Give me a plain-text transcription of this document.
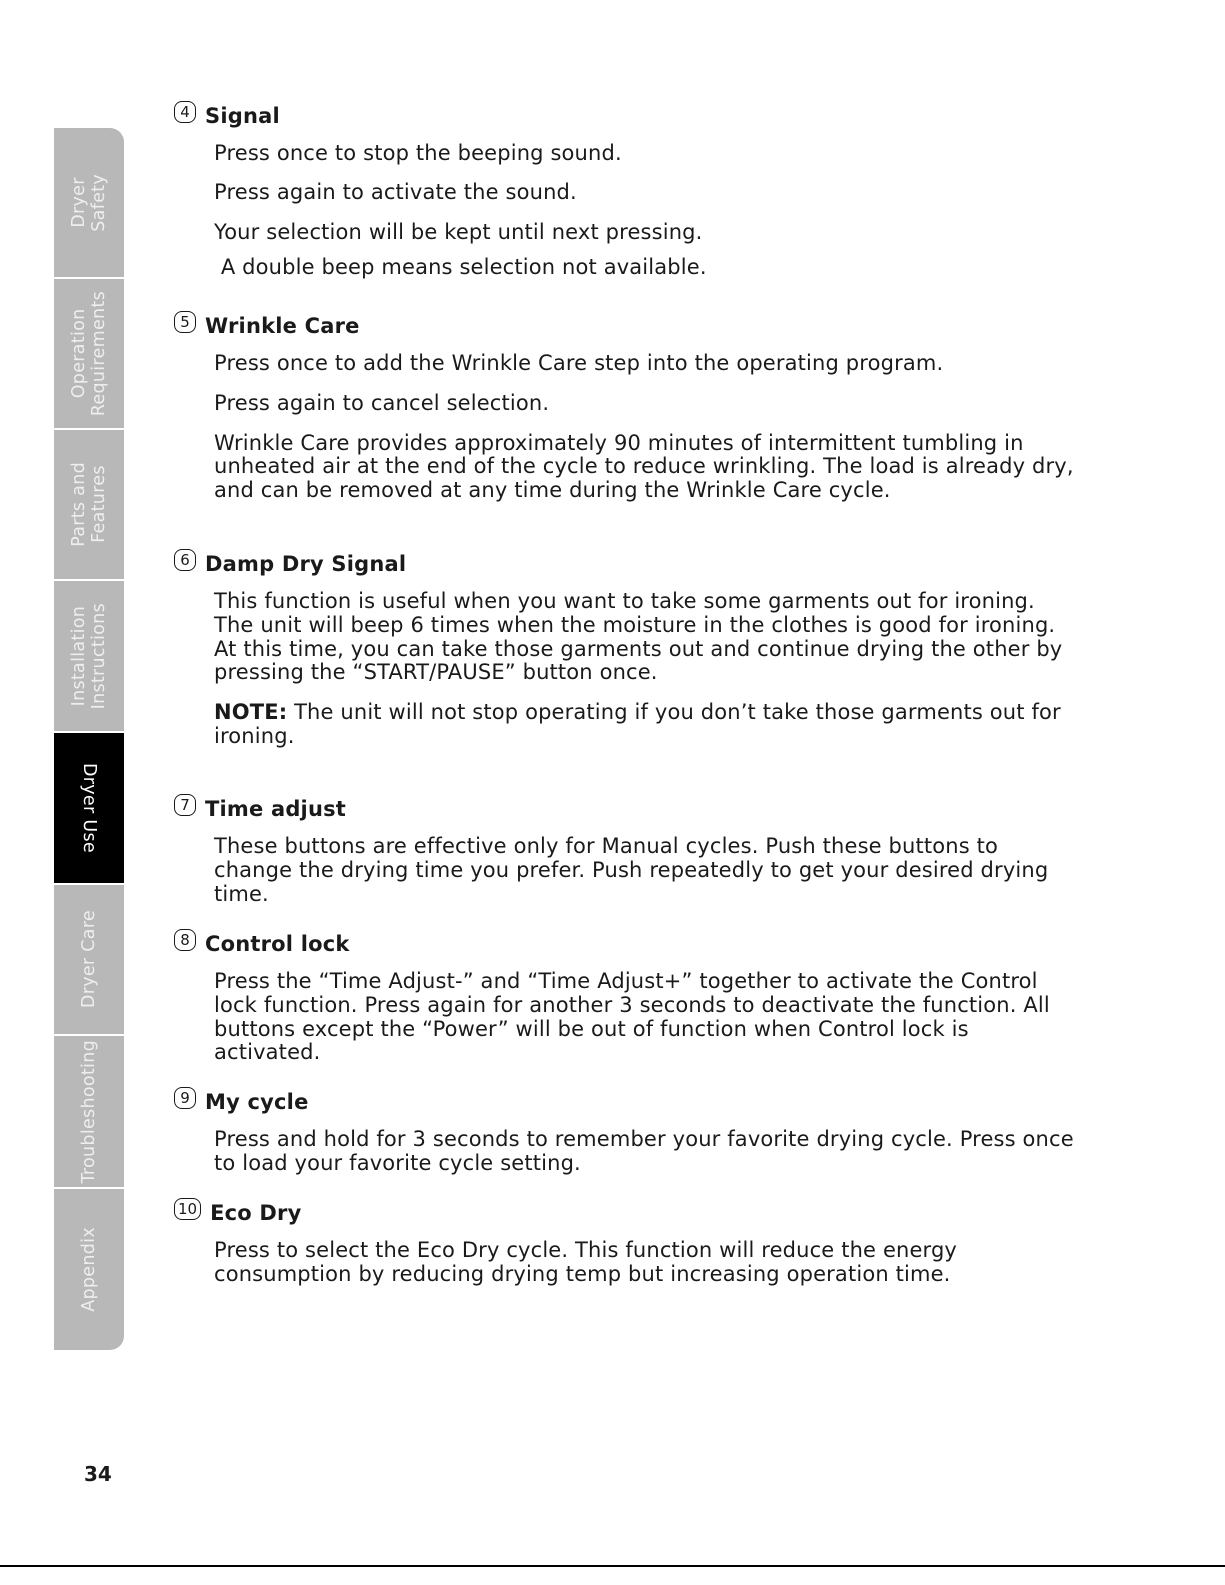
Dryer
Safety
Operation
Requirements
Parts and
Features
Installation
Instructions
Dryer Use
Dryer Care
Troubleshooting
Appendix
4 Signal

Press once to stop the beeping sound.

Press again to activate the sound.

Your selection will be kept until next pressing.

A double beep means selection not available.

5 Wrinkle Care

Press once to add the Wrinkle Care step into the operating program.

Press again to cancel selection.

Wrinkle Care provides approximately 90 minutes of intermittent tumbling in unheated air at the end of the cycle to reduce wrinkling. The load is already dry, and can be removed at any time during the Wrinkle Care cycle.

6 Damp Dry Signal

This function is useful when you want to take some garments out for ironing. The unit will beep 6 times when the moisture in the clothes is good for ironing. At this time, you can take those garments out and continue drying the other by pressing the “START/PAUSE” button once.

NOTE: The unit will not stop operating if you don’t take those garments out for ironing.

7 Time adjust

These buttons are effective only for Manual cycles. Push these buttons to change the drying time you prefer. Push repeatedly to get your desired drying time.

8 Control lock

Press the “Time Adjust-” and “Time Adjust+” together to activate the Control lock function. Press again for another 3 seconds to deactivate the function. All buttons except the “Power” will be out of function when Control lock is activated.

9 My cycle

Press and hold for 3 seconds to remember your favorite drying cycle. Press once to load your favorite cycle setting.

10 Eco Dry

Press to select the Eco Dry cycle. This function will reduce the energy consumption by reducing drying temp but increasing operation time.

34
